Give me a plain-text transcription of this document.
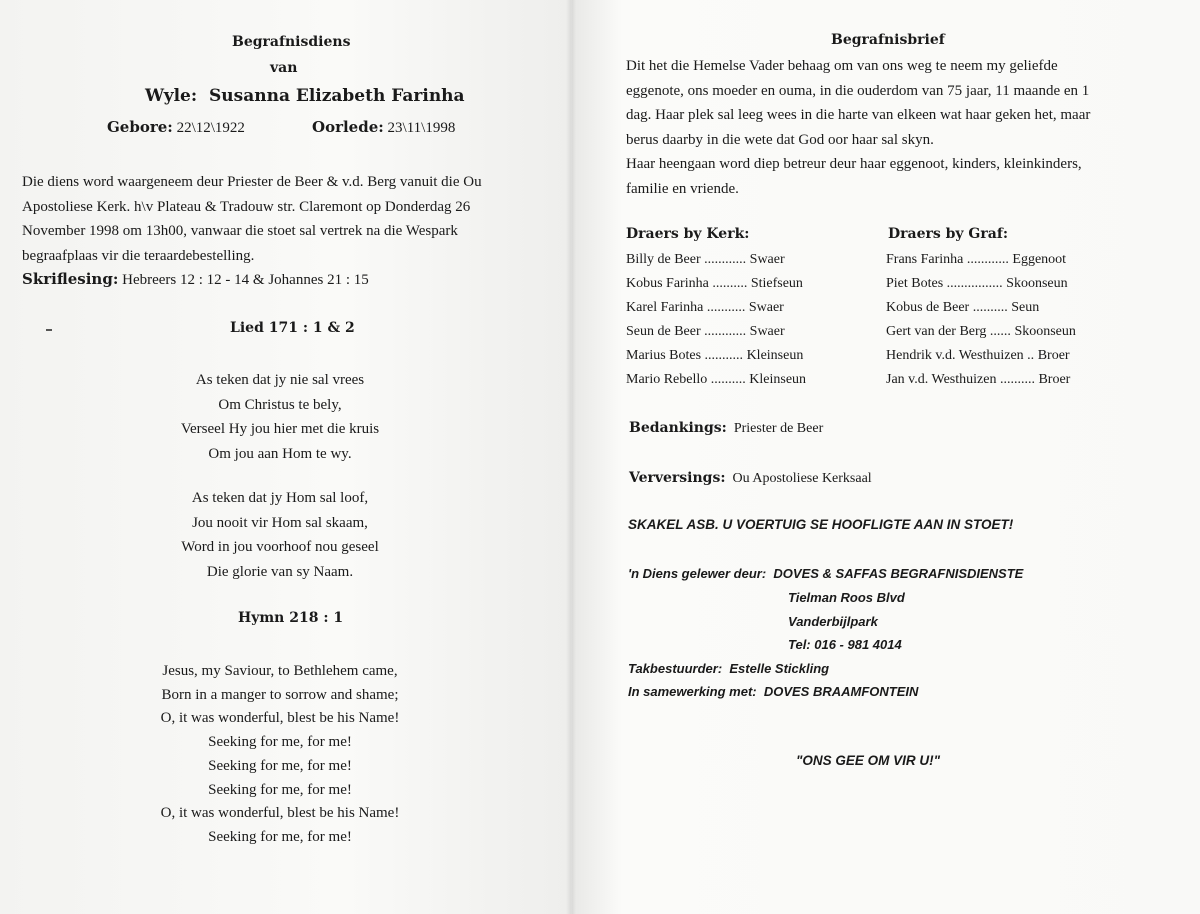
Begrafnisdiens
van
Wyle: Susanna Elizabeth Farinha
Gebore: 22\12\1922	Oorlede: 23\11\1998
Die diens word waargeneem deur Priester de Beer & v.d. Berg vanuit die Ou
Apostoliese Kerk. h\v Plateau & Tradouw str. Claremont op Donderdag 26
November 1998 om 13h00, vanwaar die stoet sal vertrek na die Wespark
begraafplaas vir die teraardebestelling.
Skriflesing: Hebreers 12 : 12 - 14 & Johannes 21 : 15
Lied 171 : 1 & 2
As teken dat jy nie sal vrees
Om Christus te bely,
Verseel Hy jou hier met die kruis
Om jou aan Hom te wy.
As teken dat jy Hom sal loof,
Jou nooit vir Hom sal skaam,
Word in jou voorhoof nou geseel
Die glorie van sy Naam.
Hymn 218 : 1
Jesus, my Saviour, to Bethlehem came,
Born in a manger to sorrow and shame;
O, it was wonderful, blest be his Name!
Seeking for me, for me!
Seeking for me, for me!
Seeking for me, for me!
O, it was wonderful, blest be his Name!
Seeking for me, for me!
Begrafnisbrief
Dit het die Hemelse Vader behaag om van ons weg te neem my geliefde
eggenote, ons moeder en ouma, in die ouderdom van 75 jaar, 11 maande en 1
dag. Haar plek sal leeg wees in die harte van elkeen wat haar geken het, maar
berus daarby in die wete dat God oor haar sal skyn.
Haar heengaan word diep betreur deur haar eggenoot, kinders, kleinkinders,
familie en vriende.
Draers by Kerk:
Billy de Beer ............ Swaer
Kobus Farinha .......... Stiefseun
Karel Farinha ........... Swaer
Seun de Beer ............ Swaer
Marius Botes ........... Kleinseun
Mario Rebello .......... Kleinseun
Draers by Graf:
Frans Farinha ............ Eggenoot
Piet Botes ................ Skoonseun
Kobus de Beer .......... Seun
Gert van der Berg ...... Skoonseun
Hendrik v.d. Westhuizen .. Broer
Jan v.d. Westhuizen .......... Broer
Bedankings: Priester de Beer
Verversings: Ou Apostoliese Kerksaal
SKAKEL ASB. U VOERTUIG SE HOOFLIGTE AAN IN STOET!
'n Diens gelewer deur: DOVES & SAFFAS BEGRAFNISDIENSTE
Tielman Roos Blvd
Vanderbijlpark
Tel: 016 - 981 4014
Takbestuurder: Estelle Stickling
In samewerking met: DOVES BRAAMFONTEIN
"ONS GEE OM VIR U!"
